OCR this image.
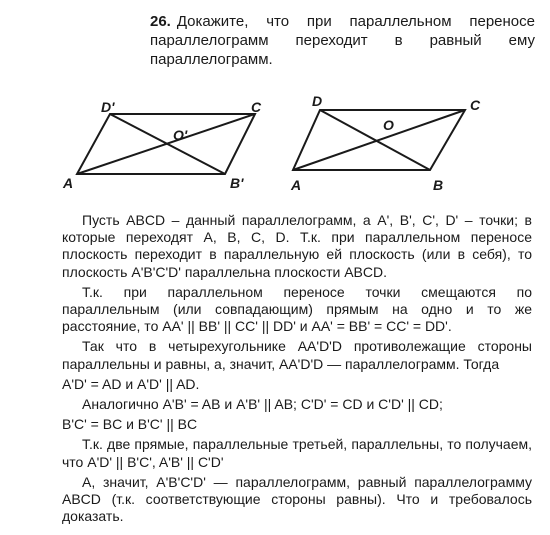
26. Докажите, что при параллельном переносе параллелограмм переходит в равный ему параллелограмм.
A	B'
C
D'
O'
A	B
C
D
O

Пусть ABCD – данный параллелограмм, а A', B', C', D' – точки; в которые переходят A, B, C, D. Т.к. при параллельном переносе плоскость переходит в параллельную ей плоскость (или в себя), то плоскость A'B'C'D' параллельна плоскости ABCD.

Т.к. при параллельном переносе точки смещаются по параллельным (или совпадающим) прямым на одно и то же расстояние, то AA' || BB' || CC' || DD' и AA' = BB' = CC' = DD'.

Так что в четырехугольнике AA'D'D противолежащие стороны параллельны и равны, а, значит, AA'D'D — параллелограмм. Тогда

A'D' = AD и A'D' || AD.

Аналогично A'B' = AB и A'B' || AB; C'D' = CD и C'D' || CD;

B'C' = BC и B'C' || BC

Т.к. две прямые, параллельные третьей, параллельны, то получаем, что A'D' || B'C', A'B' || C'D'

А, значит, A'B'C'D' — параллелограмм, равный параллелограмму ABCD (т.к. соответствующие стороны равны). Что и требовалось доказать.
